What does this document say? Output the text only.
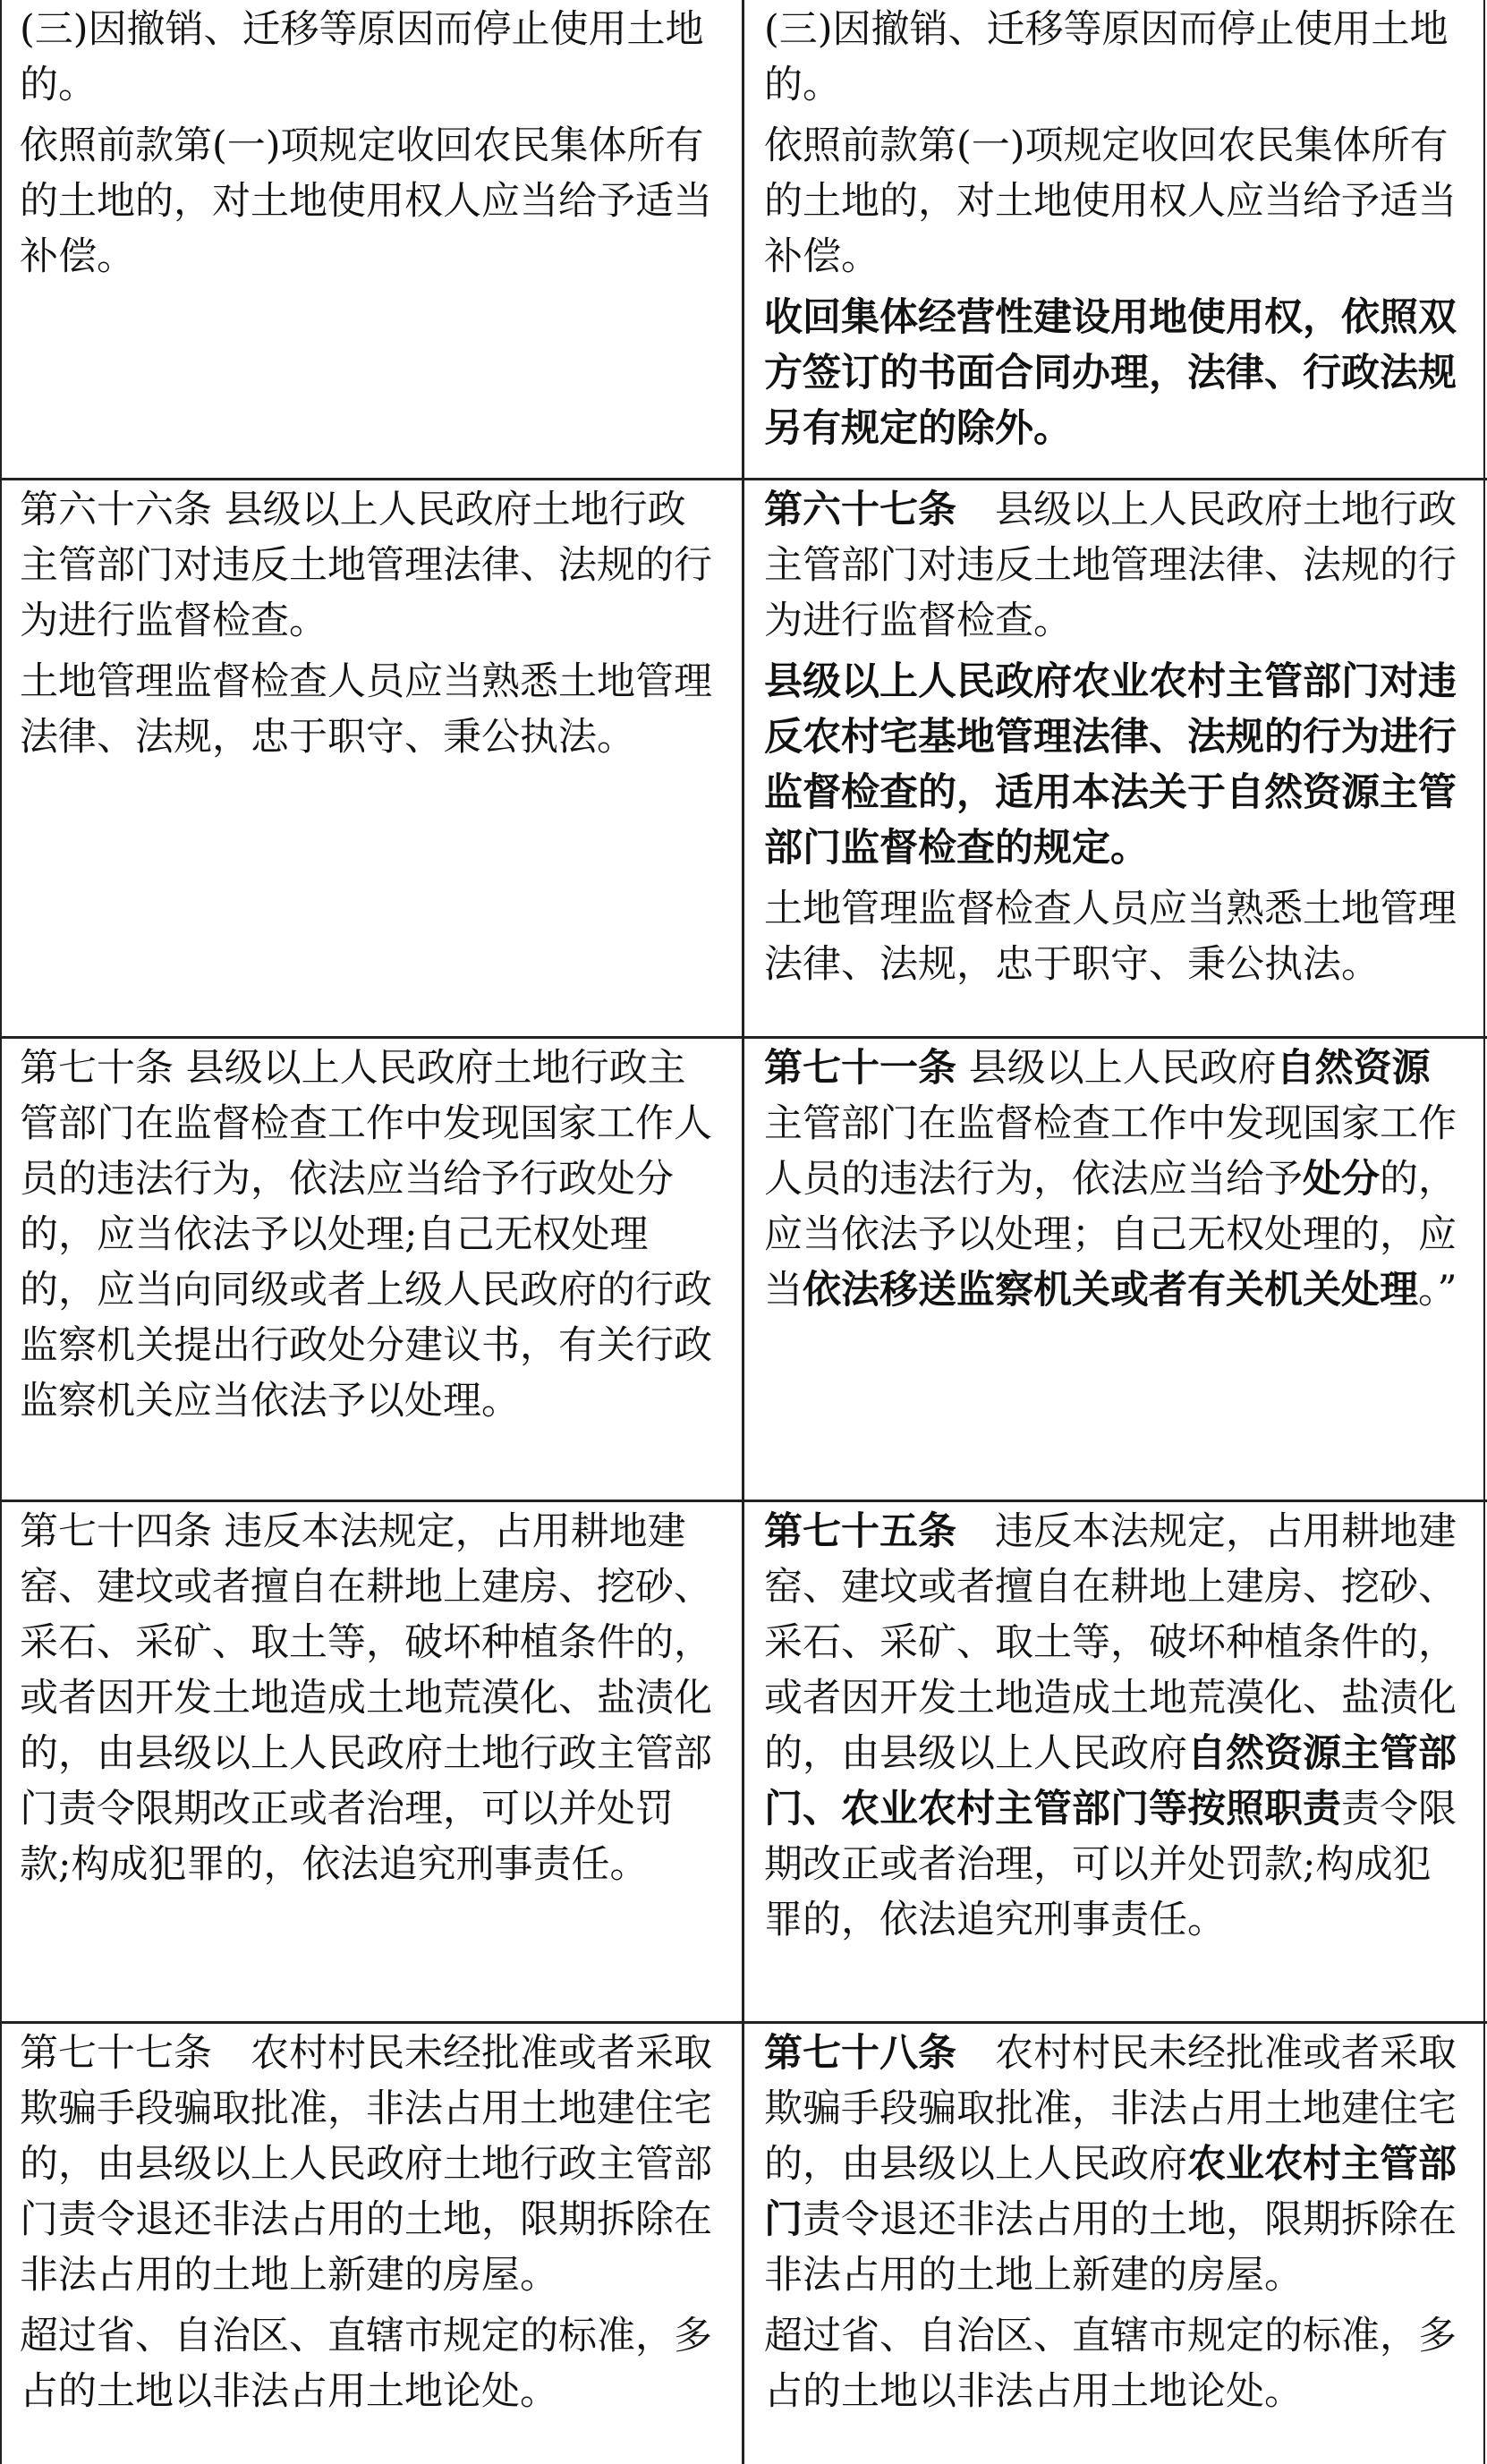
(三)因撤销、迁移等原因而停止使用土地的。
依照前款第(一)项规定收回农民集体所有的土地的，对土地使用权人应当给予适当补偿。
(三)因撤销、迁移等原因而停止使用土地的。
依照前款第(一)项规定收回农民集体所有的土地的，对土地使用权人应当给予适当补偿。
收回集体经营性建设用地使用权，依照双方签订的书面合同办理，法律、行政法规另有规定的除外。
第六十六条 县级以上人民政府土地行政主管部门对违反土地管理法律、法规的行为进行监督检查。
土地管理监督检查人员应当熟悉土地管理法律、法规，忠于职守、秉公执法。
第六十七条　县级以上人民政府土地行政主管部门对违反土地管理法律、法规的行为进行监督检查。
县级以上人民政府农业农村主管部门对违反农村宅基地管理法律、法规的行为进行监督检查的，适用本法关于自然资源主管部门监督检查的规定。
土地管理监督检查人员应当熟悉土地管理法律、法规，忠于职守、秉公执法。
第七十条 县级以上人民政府土地行政主管部门在监督检查工作中发现国家工作人员的违法行为，依法应当给予行政处分的，应当依法予以处理;自己无权处理的，应当向同级或者上级人民政府的行政监察机关提出行政处分建议书，有关行政监察机关应当依法予以处理。
第七十一条 县级以上人民政府自然资源主管部门在监督检查工作中发现国家工作人员的违法行为，依法应当给予处分的，应当依法予以处理；自己无权处理的，应当依法移送监察机关或者有关机关处理。”
第七十四条 违反本法规定，占用耕地建窑、建坟或者擅自在耕地上建房、挖砂、采石、采矿、取土等，破坏种植条件的，或者因开发土地造成土地荒漠化、盐渍化的，由县级以上人民政府土地行政主管部门责令限期改正或者治理，可以并处罚款;构成犯罪的，依法追究刑事责任。
第七十五条　违反本法规定，占用耕地建窑、建坟或者擅自在耕地上建房、挖砂、采石、采矿、取土等，破坏种植条件的，或者因开发土地造成土地荒漠化、盐渍化的，由县级以上人民政府自然资源主管部门、农业农村主管部门等按照职责责令限期改正或者治理，可以并处罚款;构成犯罪的，依法追究刑事责任。
第七十七条　农村村民未经批准或者采取欺骗手段骗取批准，非法占用土地建住宅的，由县级以上人民政府土地行政主管部门责令退还非法占用的土地，限期拆除在非法占用的土地上新建的房屋。
超过省、自治区、直辖市规定的标准，多占的土地以非法占用土地论处。
第七十八条　农村村民未经批准或者采取欺骗手段骗取批准，非法占用土地建住宅的，由县级以上人民政府农业农村主管部门责令退还非法占用的土地，限期拆除在非法占用的土地上新建的房屋。
超过省、自治区、直辖市规定的标准，多占的土地以非法占用土地论处。
